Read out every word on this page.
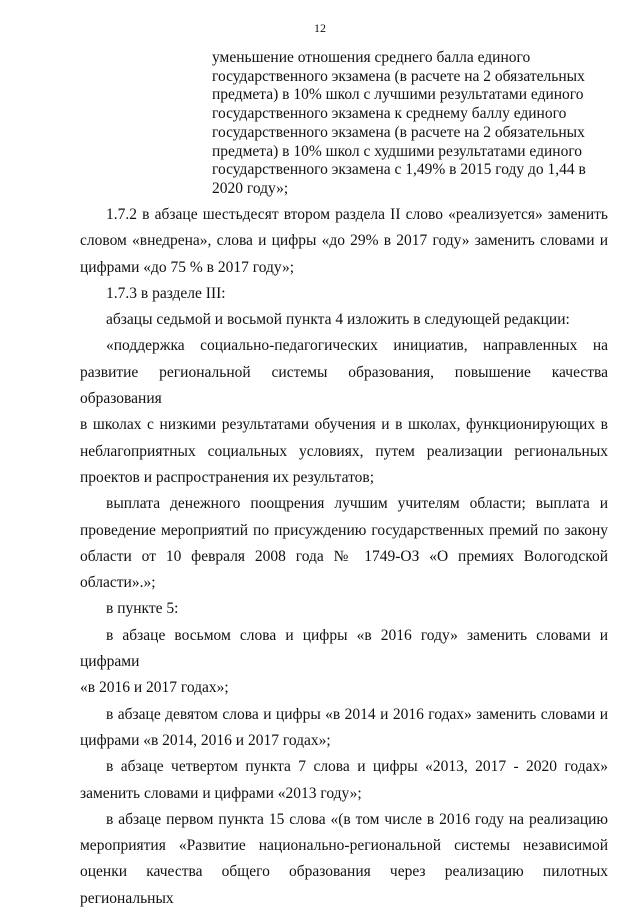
12
уменьшение отношения среднего балла единого
государственного экзамена (в расчете на 2 обязательных
предмета) в 10% школ с лучшими результатами единого
государственного экзамена к среднему баллу единого
государственного экзамена (в расчете на 2 обязательных
предмета) в 10% школ с худшими результатами единого
государственного экзамена с 1,49% в 2015 году до 1,44 в
2020 году»;
1.7.2 в абзаце шестьдесят втором раздела II слово «реализуется» заменить
словом «внедрена», слова и цифры «до 29% в 2017 году» заменить словами и
цифрами «до 75 % в 2017 году»;
1.7.3 в разделе III:
абзацы седьмой и восьмой пункта 4 изложить в следующей редакции:
«поддержка социально-педагогических инициатив, направленных на
развитие региональной системы образования, повышение качества образования
в школах с низкими результатами обучения и в школах, функционирующих в
неблагоприятных социальных условиях, путем реализации региональных
проектов и распространения их результатов;
выплата денежного поощрения лучшим учителям области; выплата и
проведение мероприятий по присуждению государственных премий по закону
области от 10 февраля 2008 года № 1749-ОЗ «О премиях Вологодской
области».»;
в пункте 5:
в абзаце восьмом слова и цифры «в 2016 году» заменить словами и цифрами
«в 2016 и 2017 годах»;
в абзаце девятом слова и цифры «в 2014 и 2016 годах» заменить словами и
цифрами «в 2014, 2016 и 2017 годах»;
в абзаце четвертом пункта 7 слова и цифры «2013, 2017 - 2020 годах»
заменить словами и цифрами «2013 году»;
в абзаце первом пункта 15 слова «(в том числе в 2016 году на реализацию
мероприятия «Развитие национально-региональной системы независимой
оценки качества общего образования через реализацию пилотных региональных
